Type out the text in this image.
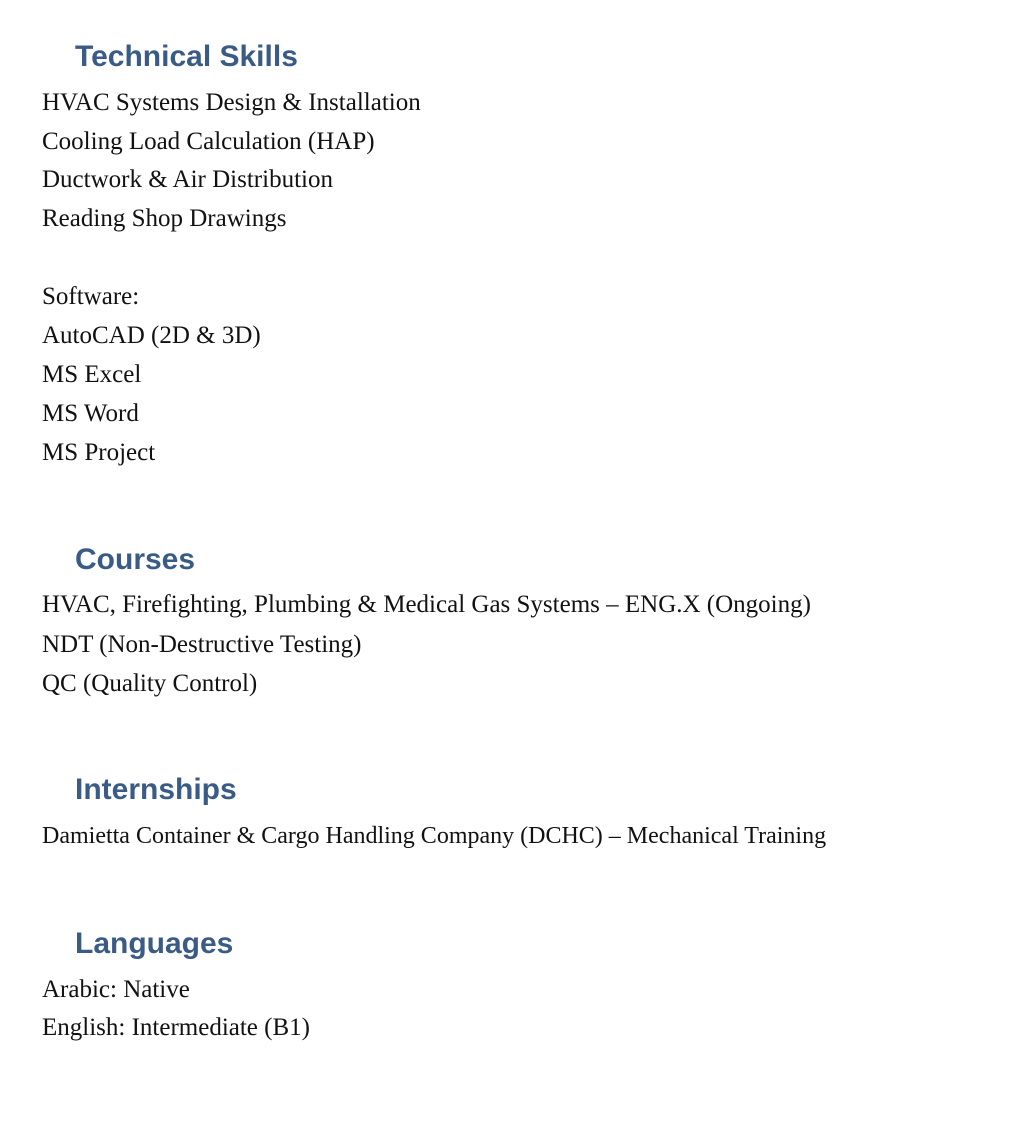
Technical Skills

HVAC Systems Design & Installation

Cooling Load Calculation (HAP)

Ductwork & Air Distribution

Reading Shop Drawings

Software:

AutoCAD (2D & 3D)

MS Excel

MS Word

MS Project

Courses

HVAC, Firefighting, Plumbing & Medical Gas Systems – ENG.X (Ongoing)

NDT (Non-Destructive Testing)

QC (Quality Control)

Internships

Damietta Container & Cargo Handling Company (DCHC) – Mechanical Training

Languages

Arabic: Native

English: Intermediate (B1)
